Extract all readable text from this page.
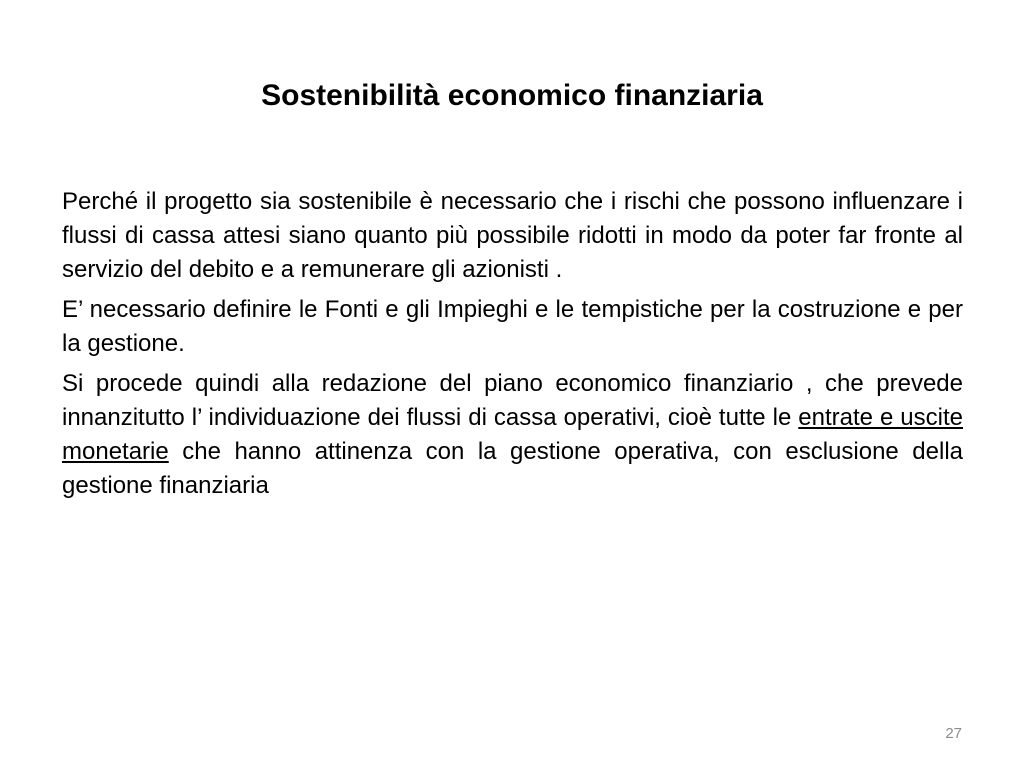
Sostenibilità economico finanziaria

Perché il progetto sia sostenibile è necessario che i rischi che possono influenzare i flussi di cassa attesi siano quanto più possibile ridotti in modo da poter far fronte al servizio del debito e a remunerare gli azionisti .

E’ necessario definire le Fonti e gli Impieghi e le tempistiche per la costruzione e per la gestione.

Si procede quindi alla redazione del piano economico finanziario , che prevede innanzitutto l’ individuazione dei flussi di cassa operativi, cioè tutte le entrate e uscite monetarie che hanno attinenza con la gestione operativa, con esclusione della gestione finanziaria

27
